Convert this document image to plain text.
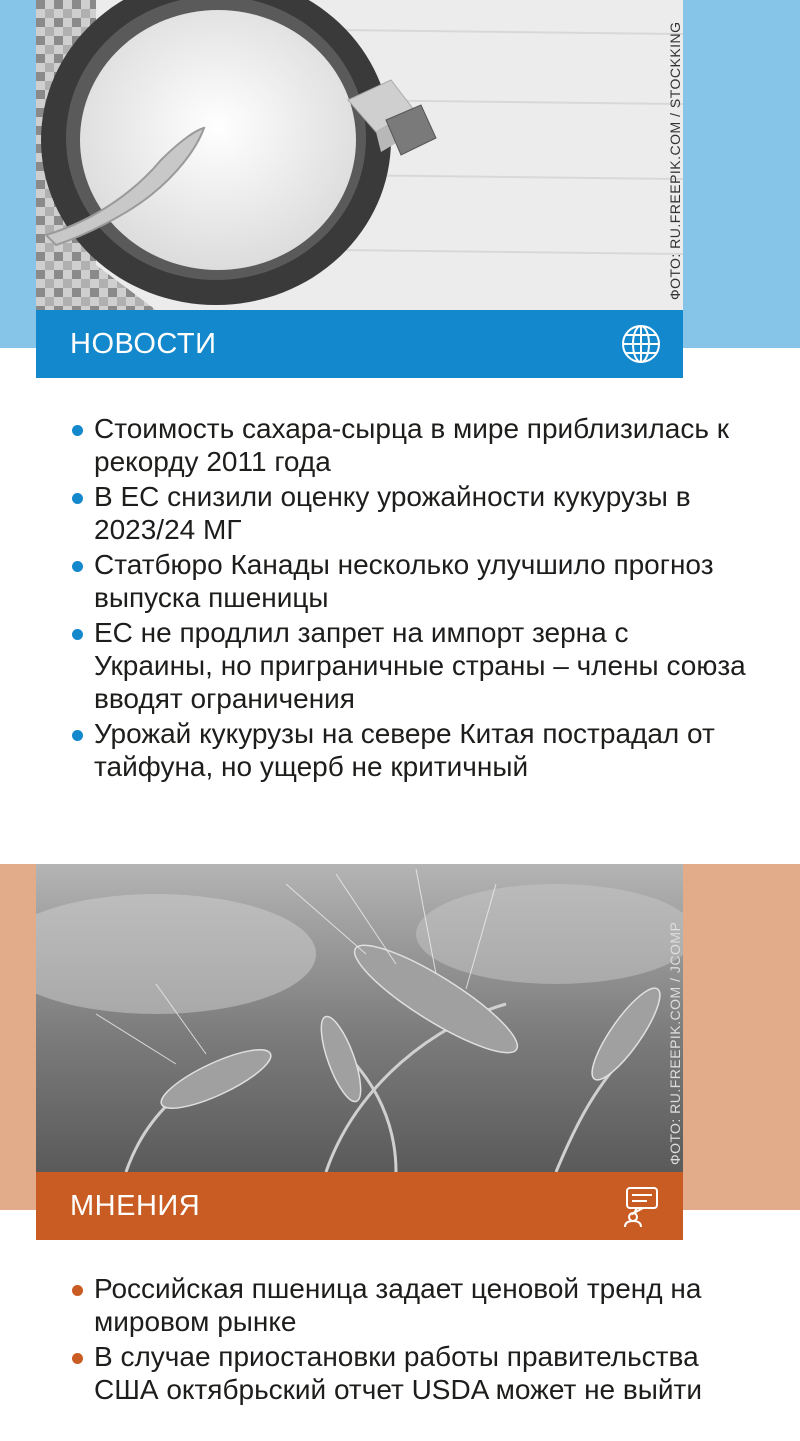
ФОТО: RU.FREEPIK.COM / STOCKKING
НОВОСТИ
Стоимость сахара-сырца в мире приблизилась к рекорду 2011 года
В ЕС снизили оценку урожайности кукурузы в 2023/24 МГ
Статбюро Канады несколько улучшило прогноз выпуска пшеницы
ЕС не продлил запрет на импорт зерна с Украины, но приграничные страны – члены союза вводят ограничения
Урожай кукурузы на севере Китая пострадал от тайфуна, но ущерб не критичный
ФОТО: RU.FREEPIK.COM / JCOMP
МНЕНИЯ
Российская пшеница задает ценовой тренд на мировом рынке
В случае приостановки работы правительства США октябрьский отчет USDA может не выйти
